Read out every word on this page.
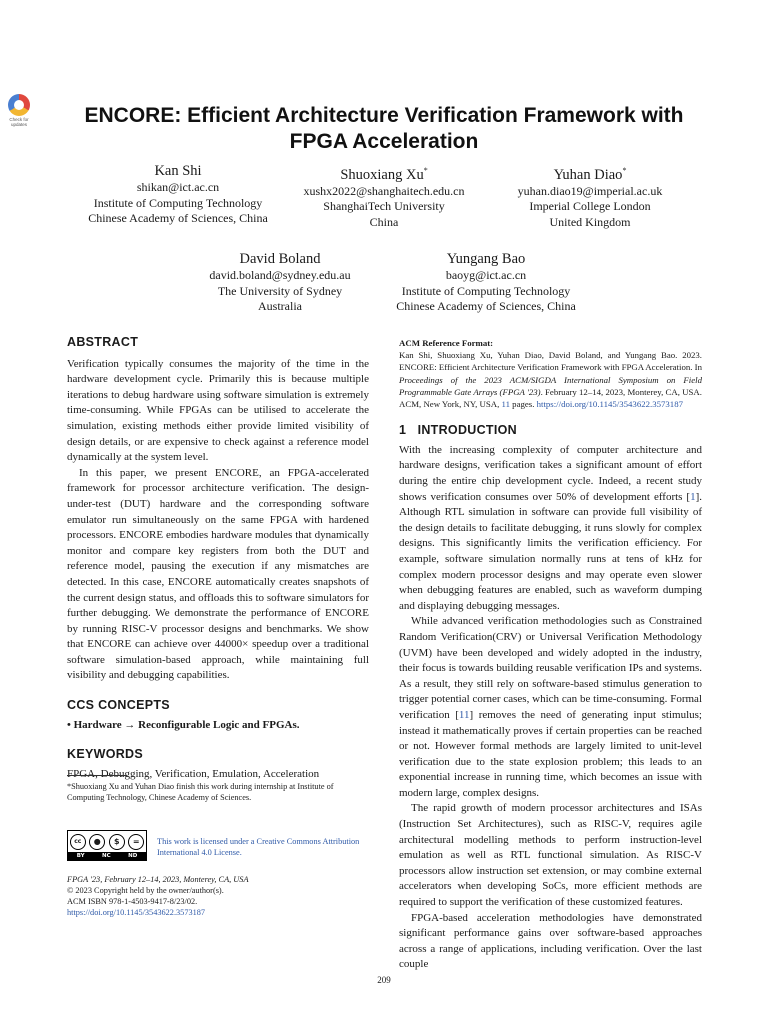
Check for
updates	ENCORE: Efficient Architecture Verification Framework with FPGA Acceleration
Kan Shi
shikan@ict.ac.cn
Institute of Computing Technology
Chinese Academy of Sciences, China
Shuoxiang Xu*
xushx2022@shanghaitech.edu.cn
ShanghaiTech University
China
Yuhan Diao*
yuhan.diao19@imperial.ac.uk
Imperial College London
United Kingdom
David Boland
david.boland@sydney.edu.au
The University of Sydney
Australia
Yungang Bao
baoyg@ict.ac.cn
Institute of Computing Technology
Chinese Academy of Sciences, China
ABSTRACT

Verification typically consumes the majority of the time in the hardware development cycle. Primarily this is because multiple iterations to debug hardware using software simulation is extremely time-consuming. While FPGAs can be utilised to accelerate the simulation, existing methods either provide limited visibility of design details, or are expensive to check against a reference model dynamically at the system level.

In this paper, we present ENCORE, an FPGA-accelerated framework for processor architecture verification. The design-under-test (DUT) hardware and the corresponding software emulator run simultaneously on the same FPGA with hardened processors. ENCORE embodies hardware modules that dynamically monitor and compare key registers from both the DUT and reference model, pausing the execution if any mismatches are detected. In this case, ENCORE automatically creates snapshots of the current design status, and offloads this to software simulators for further debugging. We demonstrate the performance of ENCORE by running RISC-V processor designs and benchmarks. We show that ENCORE can achieve over 44000× speedup over a traditional software simulation-based approach, while maintaining full visibility and debugging capabilities.

CCS CONCEPTS

• Hardware → Reconfigurable Logic and FPGAs.

KEYWORDS

FPGA, Debugging, Verification, Emulation, Acceleration

*Shuoxiang Xu and Yuhan Diao finish this work during internship at Institute of Computing Technology, Chinese Academy of Sciences.
cc	●	$	=
BY	NC	ND
This work is licensed under a Creative Commons Attribution International 4.0 License.
FPGA '23, February 12–14, 2023, Monterey, CA, USA
© 2023 Copyright held by the owner/author(s).
ACM ISBN 978-1-4503-9417-8/23/02.
https://doi.org/10.1145/3543622.3573187
ACM Reference Format:
Kan Shi, Shuoxiang Xu, Yuhan Diao, David Boland, and Yungang Bao. 2023. ENCORE: Efficient Architecture Verification Framework with FPGA Acceleration. In Proceedings of the 2023 ACM/SIGDA International Symposium on Field Programmable Gate Arrays (FPGA '23). February 12–14, 2023, Monterey, CA, USA. ACM, New York, NY, USA, 11 pages. https://doi.org/10.1145/3543622.3573187
1   INTRODUCTION

With the increasing complexity of computer architecture and hardware designs, verification takes a significant amount of effort during the entire chip development cycle. Indeed, a recent study shows verification consumes over 50% of development efforts [1]. Although RTL simulation in software can provide full visibility of the design details to facilitate debugging, it runs slowly for complex designs. This significantly limits the verification efficiency. For example, software simulation normally runs at tens of kHz for complex modern processor designs and may operate even slower when debugging features are enabled, such as waveform dumping and displaying debugging messages.

While advanced verification methodologies such as Constrained Random Verification(CRV) or Universal Verification Methodology (UVM) have been developed and widely adopted in the industry, their focus is towards building reusable verification IPs and systems. As a result, they still rely on software-based stimulus generation to trigger potential corner cases, which can be time-consuming. Formal verification [11] removes the need of generating input stimulus; instead it mathematically proves if certain properties can be reached or not. However formal methods are largely limited to unit-level verification due to the state explosion problem; this leads to an exponential increase in running time, which becomes an issue with modern large, complex designs.

The rapid growth of modern processor architectures and ISAs (Instruction Set Architectures), such as RISC-V, requires agile architectural modelling methods to perform instruction-level emulation as well as RTL functional simulation. As RISC-V processors allow instruction set extension, or may combine external accelerators when developing SoCs, more efficient methods are required to support the verification of these customized features.

FPGA-based acceleration methodologies have demonstrated significant performance gains over software-based approaches across a range of applications, including verification. Over the last couple

209
